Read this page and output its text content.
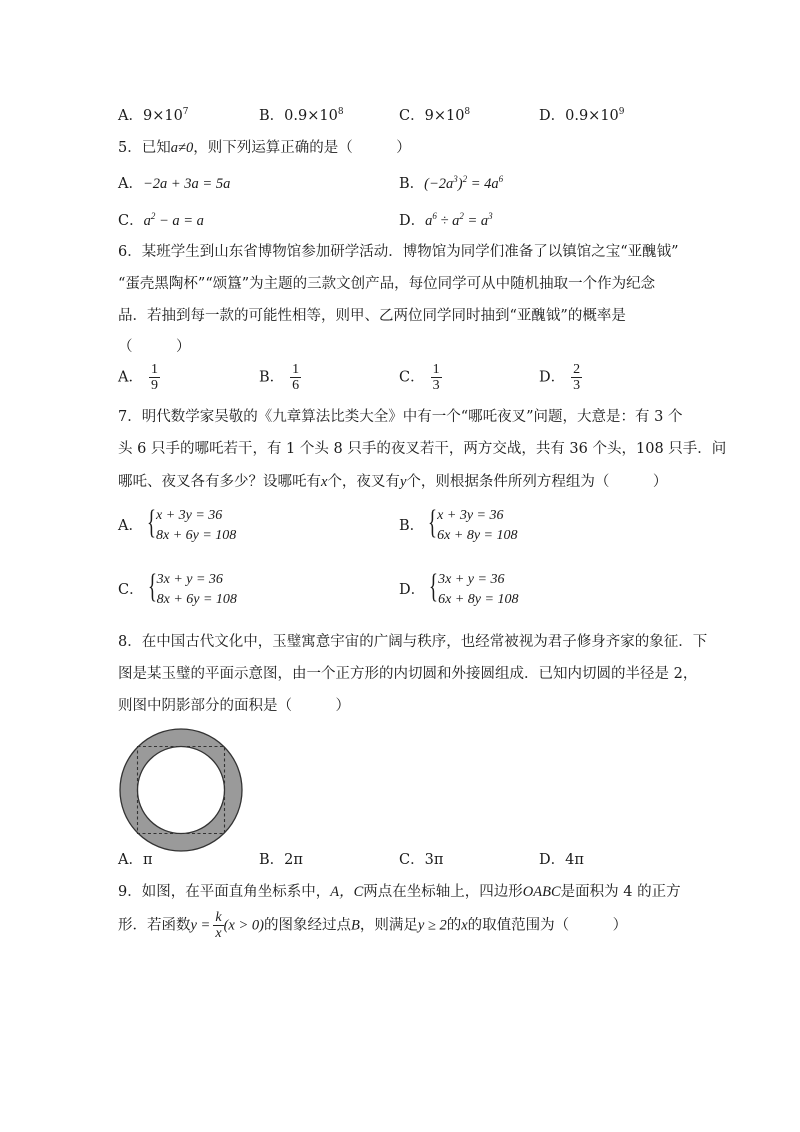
A．$9\times 10^7$	B．$0.9\times 10^8$	C．$9\times 10^8$	D．$0.9\times 10^9$
5．已知a≠0，则下列运算正确的是（　　　）
A．−2a + 3a = 5a	B．$(-2a^3)^2 = 4a^6$
C．$a^2 - a = a$	D．$a^6 \div a^2 = a^3$
6．某班学生到山东省博物馆参加研学活动．博物馆为同学们准备了以镇馆之宝“亚醜钺”
“蛋壳黑陶杯”“颂簋”为主题的三款文创产品，每位同学可从中随机抽取一个作为纪念
品．若抽到每一款的可能性相等，则甲、乙两位同学同时抽到“亚醜钺”的概率是
（　　　）
A． $\frac{1}{9}$	B． $\frac{1}{6}$	C． $\frac{1}{3}$	D． $\frac{2}{3}$
7．明代数学家吴敬的《九章算法比类大全》中有一个“哪吒夜叉”问题，大意是：有 3 个
头 6 只手的哪吒若干，有 1 个头 8 只手的夜叉若干，两方交战，共有 36 个头，108 只手．问
哪吒、夜叉各有多少？设哪吒有x个，夜叉有y个，则根据条件所列方程组为（　　　）
A． { x + 3y = 36
8x + 6y = 108
B． { x + 3y = 36
6x + 8y = 108
C． { 3x + y = 36
8x + 6y = 108
D． { 3x + y = 36
6x + 8y = 108
8．在中国古代文化中，玉璧寓意宇宙的广阔与秩序，也经常被视为君子修身齐家的象征．下
图是某玉璧的平面示意图，由一个正方形的内切圆和外接圆组成．已知内切圆的半径是 2，
则图中阴影部分的面积是（　　　）
A．π	B．2π	C．3π	D．4π
9．如图，在平面直角坐标系中，A，C两点在坐标轴上，四边形OABC是面积为 4 的正方
形．若函数$y = \frac{k}{x} (x > 0)$的图象经过点B，则满足y ≥ 2的x的取值范围为（　　　）
